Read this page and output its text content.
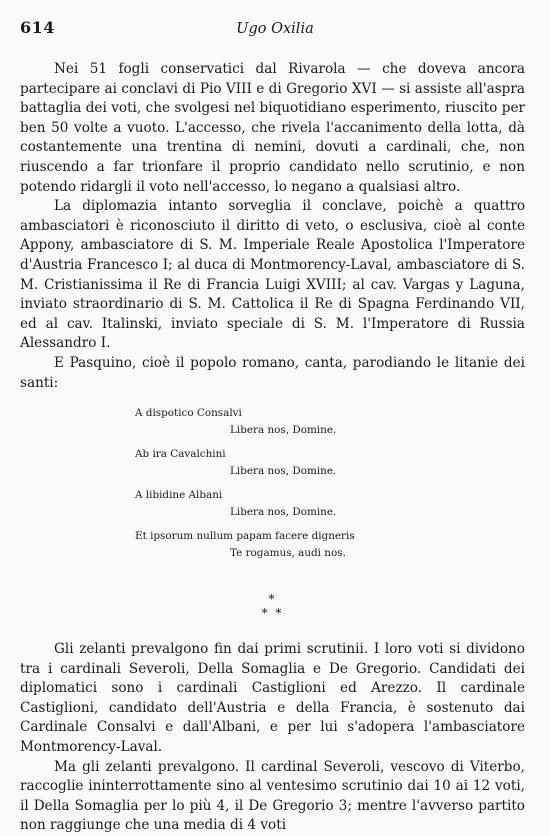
614	Ugo Oxilia

Nei 51 fogli conservatici dal Rivarola — che doveva ancora partecipare ai conclavi di Pio VIII e di Gregorio XVI — si assiste all'aspra battaglia dei voti, che svolgesi nel biquotidiano esperimento, riuscito per ben 50 volte a vuoto. L'accesso, che rivela l'accanimento della lotta, dà costantemente una trentina di nemini, dovuti a cardinali, che, non riuscendo a far trionfare il proprio candidato nello scrutinio, e non potendo ridargli il voto nell'accesso, lo negano a qualsiasi altro.

La diplomazia intanto sorveglia il conclave, poichè a quattro ambasciatori è riconosciuto il diritto di veto, o esclusiva, cioè al conte Appony, ambasciatore di S. M. Imperiale Reale Apostolica l'Imperatore d'Austria Francesco I; al duca di Montmorency-Laval, ambasciatore di S. M. Cristianissima il Re di Francia Luigi XVIII; al cav. Vargas y Laguna, inviato straordinario di S. M. Cattolica il Re di Spagna Ferdinando VII, ed al cav. Italinski, inviato speciale di S. M. l'Imperatore di Russia Alessandro I.

E Pasquino, cioè il popolo romano, canta, parodiando le litanie dei santi:

A dispotico Consalvi
Libera nos, Domine.
Ab ira Cavalchini
Libera nos, Domine.
A libidine Albani
Libera nos, Domine.
Et ipsorum nullum papam facere digneris
Te rogamus, audi nos.
*
* *

Gli zelanti prevalgono fin dai primi scrutinii. I loro voti si dividono tra i cardinali Severoli, Della Somaglia e De Gregorio. Candidati dei diplomatici sono i cardinali Castiglioni ed Arezzo. Il cardinale Castiglioni, candidato dell'Austria e della Francia, è sostenuto dai Cardinale Consalvi e dall'Albani, e per lui s'adopera l'ambasciatore Montmorency-Laval.

Ma gli zelanti prevalgono. Il cardinal Severoli, vescovo di Viterbo, raccoglie ininterrottamente sino al ventesimo scrutinio dai 10 ai 12 voti, il Della Somaglia per lo più 4, il De Gregorio 3; mentre l'avverso partito non raggiunge che una media di 4 voti
